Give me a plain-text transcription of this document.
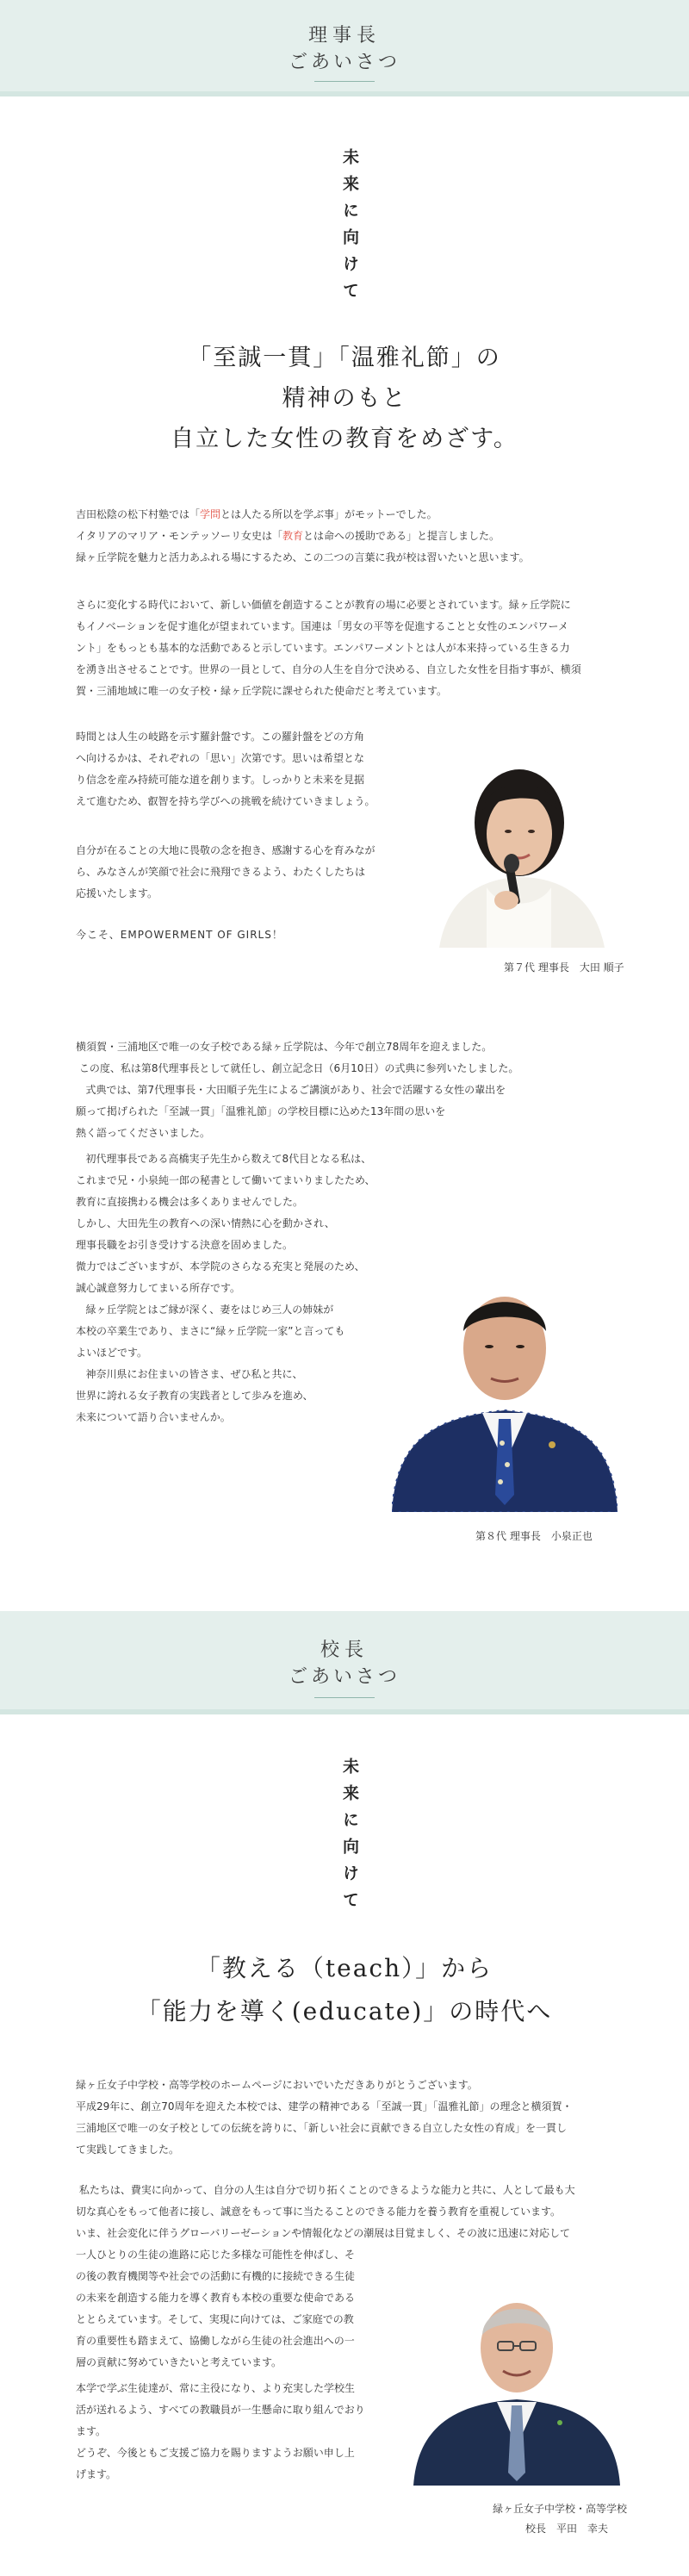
理事長
ごあいさつ
未来に向けて
「至誠一貫」「温雅礼節」の
精神のもと
自立した女性の教育をめざす。
吉田松陰の松下村塾では「学問とは人たる所以を学ぶ事」がモットーでした。
イタリアのマリア・モンテッソーリ女史は「教育とは命への援助である」と提言しました。
緑ヶ丘学院を魅力と活力あふれる場にするため、この二つの言葉に我が校は習いたいと思います。
さらに変化する時代において、新しい価値を創造することが教育の場に必要とされています。緑ヶ丘学院に
もイノベーションを促す進化が望まれています。国連は「男女の平等を促進することと女性のエンパワーメ
ント」をもっとも基本的な活動であると示しています。エンパワーメントとは人が本来持っている生きる力
を湧き出させることです。世界の一員として、自分の人生を自分で決める、自立した女性を目指す事が、横須
賀・三浦地域に唯一の女子校・緑ヶ丘学院に課せられた使命だと考えています。
時間とは人生の岐路を示す羅針盤です。この羅針盤をどの方角
へ向けるかは、それぞれの「思い」次第です。思いは希望とな
り信念を産み持続可能な道を創ります。しっかりと未来を見据
えて進むため、叡智を持ち学びへの挑戦を続けていきましょう。
自分が在ることの大地に畏敬の念を抱き、感謝する心を育みなが
ら、みなさんが笑顔で社会に飛翔できるよう、わたくしたちは
応援いたします。
今こそ、EMPOWERMENT OF GIRLS！
第７代 理事長　大田 順子
横須賀・三浦地区で唯一の女子校である緑ヶ丘学院は、今年で創立78周年を迎えました。
この度、私は第8代理事長として就任し、創立記念日（6月10日）の式典に参列いたしました。
式典では、第7代理事長・大田順子先生によるご講演があり、社会で活躍する女性の輩出を
願って掲げられた「至誠一貫」「温雅礼節」の学校目標に込めた13年間の思いを
熱く語ってくださいました。
初代理事長である高橋実子先生から数えて8代目となる私は、
これまで兄・小泉純一郎の秘書として働いてまいりましたため、
教育に直接携わる機会は多くありませんでした。
しかし、大田先生の教育への深い情熱に心を動かされ、
理事長職をお引き受けする決意を固めました。
微力ではございますが、本学院のさらなる充実と発展のため、
誠心誠意努力してまいる所存です。
緑ヶ丘学院とはご縁が深く、妻をはじめ三人の姉妹が
本校の卒業生であり、まさに“緑ヶ丘学院一家”と言っても
よいほどです。
神奈川県にお住まいの皆さま、ぜひ私と共に、
世界に誇れる女子教育の実践者として歩みを進め、
未来について語り合いませんか。
第８代 理事長　小泉正也
校長
ごあいさつ
未来に向けて
「教える（teach）」から
「能力を導く(educate)」の時代へ
緑ヶ丘女子中学校・高等学校のホームページにおいでいただきありがとうございます。
平成29年に、創立70周年を迎えた本校では、建学の精神である「至誠一貫」「温雅礼節」の理念と横須賀・
三浦地区で唯一の女子校としての伝統を誇りに、「新しい社会に貢献できる自立した女性の育成」を一貫し
て実践してきました。
私たちは、費実に向かって、自分の人生は自分で切り拓くことのできるような能力と共に、人として最も大
切な真心をもって他者に接し、誠意をもって事に当たることのできる能力を養う教育を重視しています。
いま、社会変化に伴うグローバリーゼーションや情報化などの潮展は目覚ましく、その波に迅速に対応して
一人ひとりの生徒の進路に応じた多様な可能性を伸ばし、そ
の後の教育機関等や社会での活動に有機的に接続できる生徒
の未来を創造する能力を導く教育も本校の重要な使命である
ととらえています。そして、実現に向けては、ご家庭での教
育の重要性も踏まえて、協働しながら生徒の社会進出への一
層の貢献に努めていきたいと考えています。
本学で学ぶ生徒達が、常に主役になり、より充実した学校生
活が送れるよう、すべての教職員が一生懸命に取り組んでおり
ます。
どうぞ、今後ともご支援ご協力を賜りますようお願い申し上
げます。
緑ヶ丘女子中学校・高等学校
校長　平田　幸夫
